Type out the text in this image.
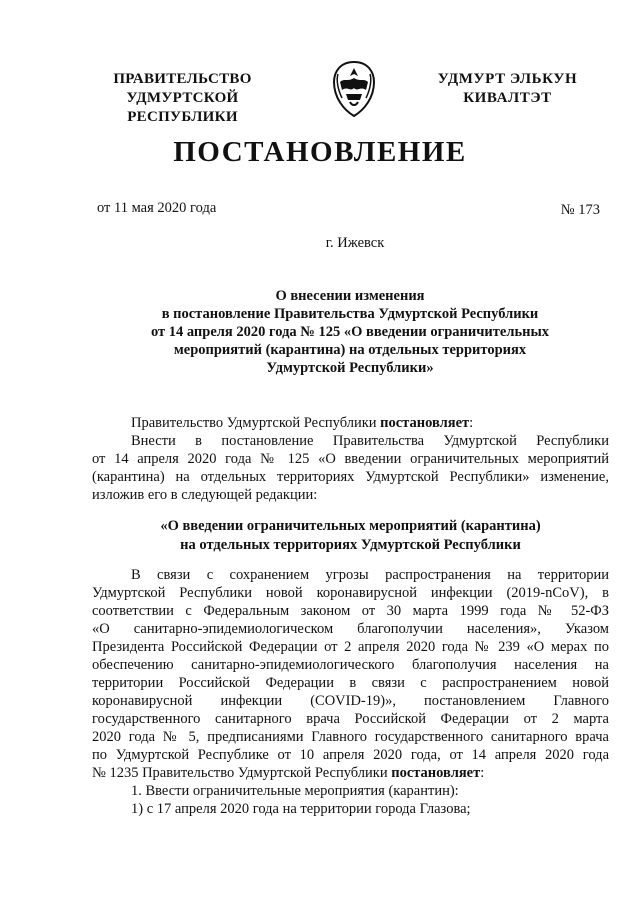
ПРАВИТЕЛЬСТВО
УДМУРТСКОЙ РЕСПУБЛИКИ
УДМУРТ ЭЛЬКУН
КИВАЛТЭТ
ПОСТАНОВЛЕНИЕ
от 11 мая 2020 года	№ 173
г. Ижевск
О внесении изменения
в постановление Правительства Удмуртской Республики
от 14 апреля 2020 года № 125 «О введении ограничительных
мероприятий (карантина) на отдельных территориях
Удмуртской Республики»
Правительство Удмуртской Республики постановляет:
Внести в постановление Правительства Удмуртской Республики
от 14 апреля 2020 года № 125 «О введении ограничительных мероприятий
(карантина) на отдельных территориях Удмуртской Республики» изменение,
изложив его в следующей редакции:
«О введении ограничительных мероприятий (карантина)
на отдельных территориях Удмуртской Республики
В связи с сохранением угрозы распространения на территории
Удмуртской Республики новой коронавирусной инфекции (2019-nCoV), в
соответствии с Федеральным законом от 30 марта 1999 года № 52-ФЗ
«О санитарно-эпидемиологическом благополучии населения», Указом
Президента Российской Федерации от 2 апреля 2020 года № 239 «О мерах по
обеспечению санитарно-эпидемиологического благополучия населения на
территории Российской Федерации в связи с распространением новой
коронавирусной инфекции (COVID-19)», постановлением Главного
государственного санитарного врача Российской Федерации от 2 марта
2020 года № 5, предписаниями Главного государственного санитарного врача
по Удмуртской Республике от 10 апреля 2020 года, от 14 апреля 2020 года
№ 1235 Правительство Удмуртской Республики постановляет:
1. Ввести ограничительные мероприятия (карантин):
1) с 17 апреля 2020 года на территории города Глазова;
